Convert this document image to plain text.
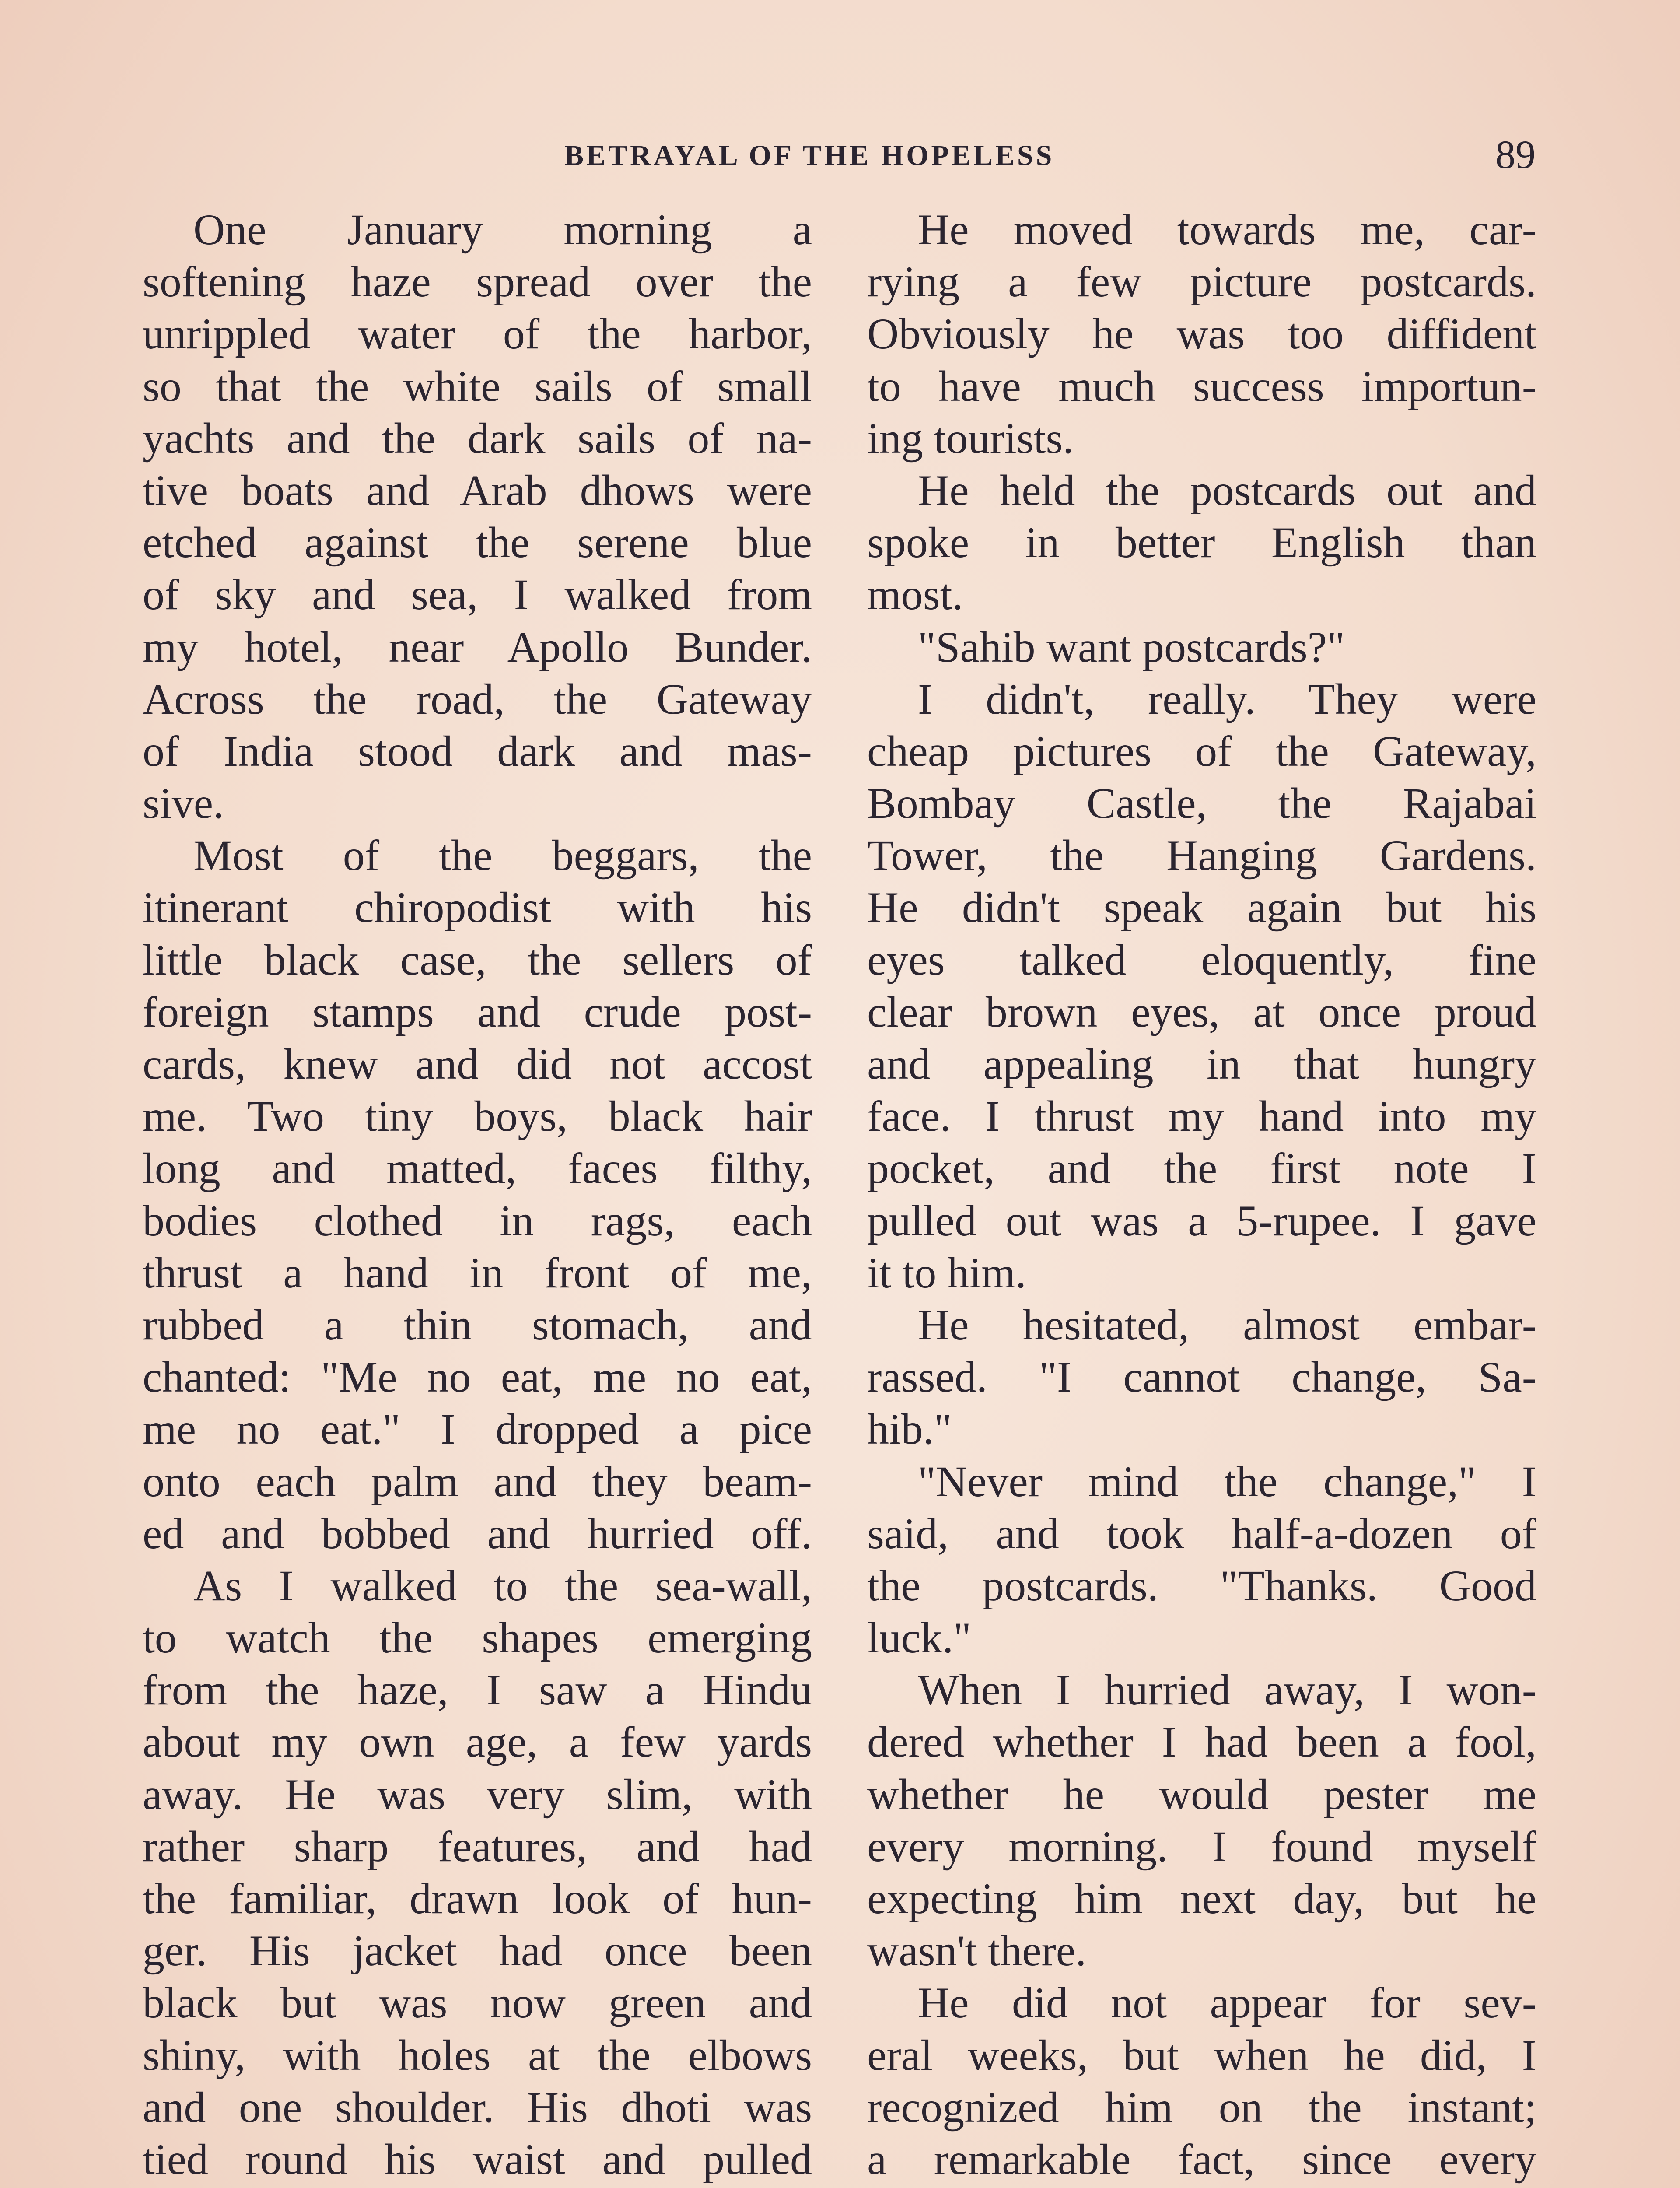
BETRAYAL OF THE HOPELESS	89
One January morning a
softening haze spread over the
unrippled water of the harbor,
so that the white sails of small
yachts and the dark sails of na-
tive boats and Arab dhows were
etched against the serene blue
of sky and sea, I walked from
my hotel, near Apollo Bunder.
Across the road, the Gateway
of India stood dark and mas-
sive.
Most of the beggars, the
itinerant chiropodist with his
little black case, the sellers of
foreign stamps and crude post-
cards, knew and did not accost
me. Two tiny boys, black hair
long and matted, faces filthy,
bodies clothed in rags, each
thrust a hand in front of me,
rubbed a thin stomach, and
chanted: "Me no eat, me no eat,
me no eat." I dropped a pice
onto each palm and they beam-
ed and bobbed and hurried off.
As I walked to the sea-wall,
to watch the shapes emerging
from the haze, I saw a Hindu
about my own age, a few yards
away. He was very slim, with
rather sharp features, and had
the familiar, drawn look of hun-
ger. His jacket had once been
black but was now green and
shiny, with holes at the elbows
and one shoulder. His dhoti was
tied round his waist and pulled
He moved towards me, car-
rying a few picture postcards.
Obviously he was too diffident
to have much success importun-
ing tourists.
He held the postcards out and
spoke in better English than
most.
"Sahib want postcards?"
I didn't, really. They were
cheap pictures of the Gateway,
Bombay Castle, the Rajabai
Tower, the Hanging Gardens.
He didn't speak again but his
eyes talked eloquently, fine
clear brown eyes, at once proud
and appealing in that hungry
face. I thrust my hand into my
pocket, and the first note I
pulled out was a 5-rupee. I gave
it to him.
He hesitated, almost embar-
rassed. "I cannot change, Sa-
hib."
"Never mind the change," I
said, and took half-a-dozen of
the postcards. "Thanks. Good
luck."
When I hurried away, I won-
dered whether I had been a fool,
whether he would pester me
every morning. I found myself
expecting him next day, but he
wasn't there.
He did not appear for sev-
eral weeks, but when he did, I
recognized him on the instant;
a remarkable fact, since every
